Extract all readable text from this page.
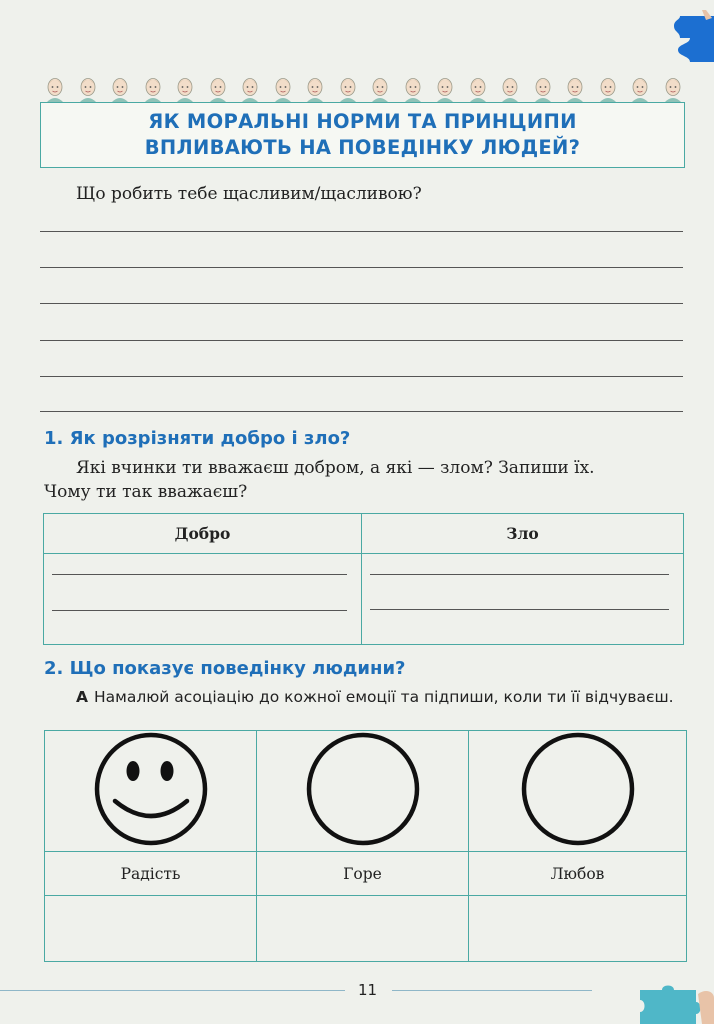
ЯК МОРАЛЬНІ НОРМИ ТА ПРИНЦИПИ
ВПЛИВАЮТЬ НА ПОВЕДІНКУ ЛЮДЕЙ?
Що робить тебе щасливим/щасливою?
1. Як розрізняти добро і зло?
Які вчинки ти вважаєш добром, а які — злом? Запиши їх.
Чому ти так вважаєш?
Добро	Зло

2. Що показує поведінку людини?
А Намалюй асоціацію до кожної емоції та підпиши, коли ти її відчуваєш.

Радість	Горе	Любов

11
